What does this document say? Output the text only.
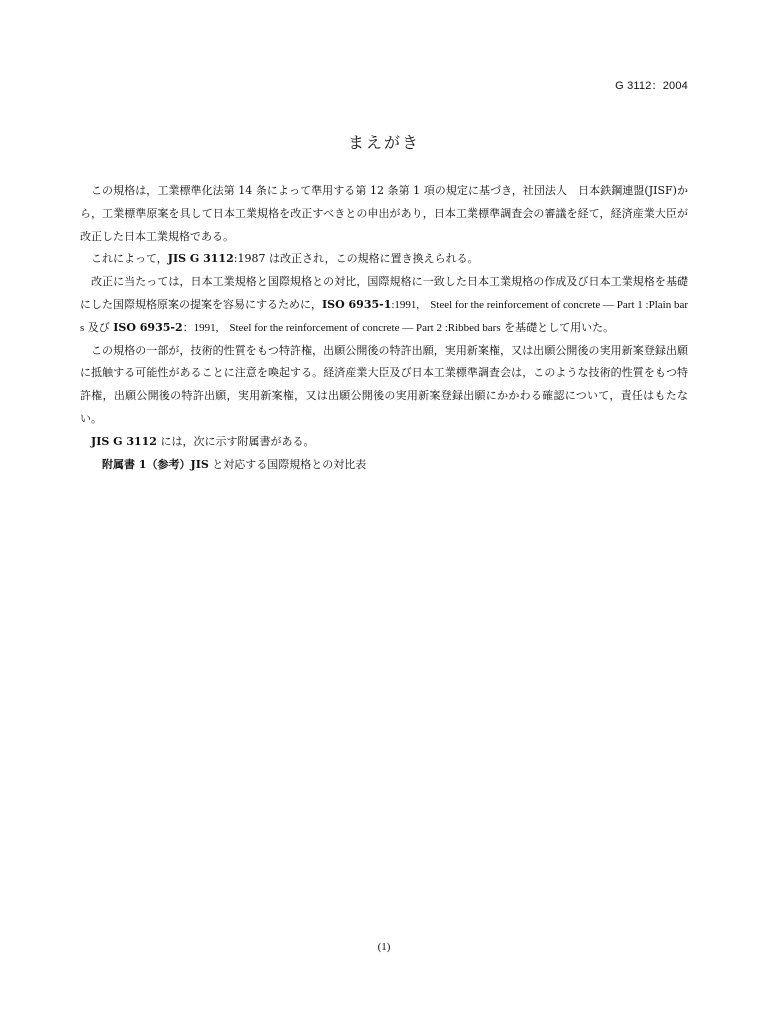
G 3112：2004
まえがき

この規格は，工業標準化法第 14 条によって準用する第 12 条第 1 項の規定に基づき，社団法人　日本鉄鋼連盟(JISF)から，工業標準原案を具して日本工業規格を改正すべきとの申出があり，日本工業標準調査会の審議を経て，経済産業大臣が改正した日本工業規格である。

これによって，JIS G 3112:1987 は改正され，この規格に置き換えられる。

改正に当たっては，日本工業規格と国際規格との対比，国際規格に一致した日本工業規格の作成及び日本工業規格を基礎にした国際規格原案の提案を容易にするために，ISO 6935-1:1991,　Steel for the reinforcement of concrete — Part 1 :Plain bars 及び ISO 6935-2：1991,　Steel for the reinforcement of concrete — Part 2 :Ribbed bars を基礎として用いた。

この規格の一部が，技術的性質をもつ特許権，出願公開後の特許出願，実用新案権，又は出願公開後の実用新案登録出願に抵触する可能性があることに注意を喚起する。経済産業大臣及び日本工業標準調査会は，このような技術的性質をもつ特許権，出願公開後の特許出願，実用新案権，又は出願公開後の実用新案登録出願にかかわる確認について，責任はもたない。

JIS G 3112 には，次に示す附属書がある。

附属書 1（参考）JIS と対応する国際規格との対比表

(1)
